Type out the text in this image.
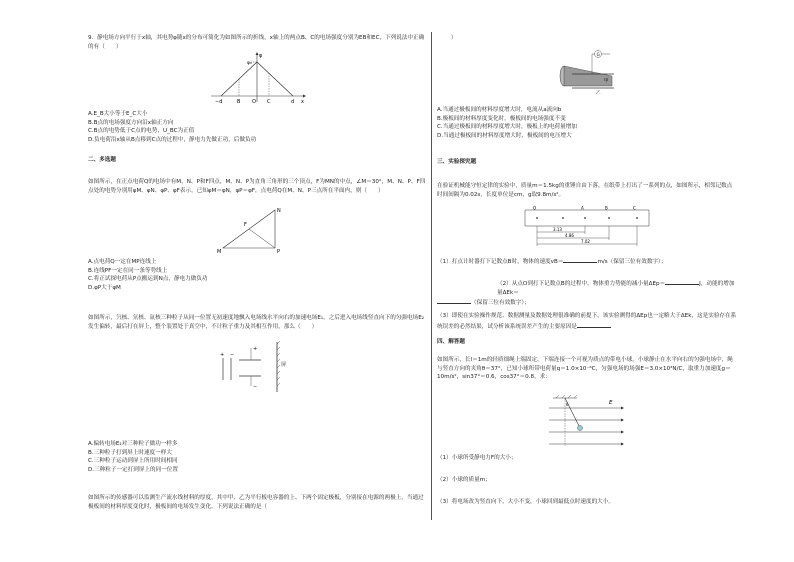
9．静电场方向平行于x轴，其电势φ随x的分布可简化为如图所示的折线，x轴上的两点B、C的电场强度分别为EB和EC，下列说法中正确的有（　　）

φ
φ₀
−d	B O C	d x

A.E_B大小等于E_C大小

B.B点的电场强度方向沿x轴正方向

C.B点的电势低于C点的电势，U_BC为正值

D.负电荷沿x轴从B点移到C点的过程中，静电力先做正功，后做负功

二、多选题

如图所示，在正点电荷Q的电场中有M、N、P和F四点，M、N、P为直角三角形的三个顶点，F为MN的中点，∠M＝30°，M、N、P、F四点处的电势分别用φM、φN、φP、φF表示，已知φM＝φN，φP＝φF，点电荷Q在M、N、P三点所在平面内，则（　　）

N
F
M	P

A.点电荷Q一定在MP连线上

B.连线PF一定在同一条等势线上

C.将正试探电荷从P点搬运到N点，静电力做负功

D.φP大于φM

如图所示，氕核、氘核、氚核三种粒子从同一位置无初速度地飘入电场线水平向右的加速电场E₁，之后进入电场线竖直向下的匀强电场E₂发生偏转，最后打在屏上，整个装置处于真空中，不计粒子重力及其相互作用，那么（　　）

+ −
+
−
屏

A.偏转电场E₂对三种粒子做功一样多

B.三种粒子打到屏上时速度一样大

C.三种粒子运动到屏上所用时间相同

D.三种粒子一定打到屏上的同一位置

如图所示的传感器可以监测生产流水线材料的厚度，其中甲、乙为平行板电容器的上、下两个固定极板，分别接在电源的两极上，当通过极板间的材料厚度变化时，极板间的电场发生变化。下列说法正确的是（

）
G
甲
乙

A.当通过极板间的材料厚度增大时，电流从a流向b

B.极板间的材料厚度变化时，极板间的电场强度不变

C.当通过极板间的材料厚度增大时，极板上的电荷量增加

D.当通过极板间的材料厚度增大时，极板间的电压增大

三、实验探究题

在验证机械能守恒定律的实验中，质量m＝1.5kg的重锤自由下落，在纸带上打出了一系列的点，如图所示，相邻记数点时间间隔为0.02s，长度单位是cm，g取9.8m/s²。

O	A	B	C
3.13
4.86
7.02

（1）打点计时器打下记数点B时，物体的速度vB＝	m/s（保留三位有效数字）；

（2）从点O到打下记数点B的过程中，物体重力势能的减小量ΔEp＝	J，动能的增加量ΔEk＝

（保留三位有效数字）；

（3）即使在实验操作规范、数据测量及数据处理很准确的前提下，该实验测得的ΔEp也一定略大于ΔEk，这是实验存在系统误差的必然结果，试分析该系统误差产生的主要原因是

四、解答题

如图所示，长l＝1m的轻质细绳上端固定，下端连接一个可视为质点的带电小球，小球静止在水平向右的匀强电场中，绳与竖直方向的夹角θ＝37°，已知小球所带电荷量q＝1.0×10⁻⁶C，匀强电场的场强E＝3.0×10³N/C，取重力加速度g＝10m/s²，sin37°＝0.6，cos37°＝0.8。求：

θ	E
（1）小球所受静电力F的大小；
（2）小球的质量m；
（3）将电场改为竖直向下，大小不变，小球回到最低点时速度的大小。
